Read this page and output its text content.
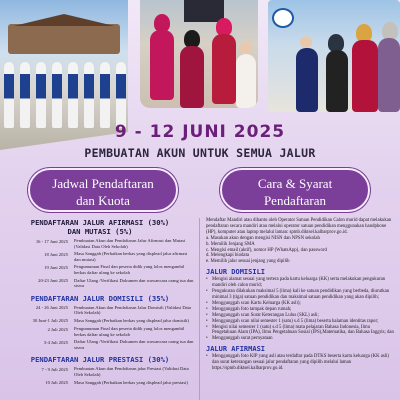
9 - 12 JUNI 2025
PEMBUATAN AKUN UNTUK SEMUA JALUR
Jadwal Pendaftaran
dan Kuota
Cara & Syarat
Pendaftaran
PENDAFTARAN JALUR AFIRMASI (30%)
DAN MUTASI (5%)
16 - 17 Juni 2025 Pembuatan Akun dan Pendaftaran Jalur Afirmasi dan Mutasi (Validasi Data Oleh Sekolah)
18 Juni 2025 Masa Sanggah (Perbaikan berkas yang displead jalur afirmasi dan mutasi)
19 Juni 2025 Pengumuman Final dan peserta didik yang lolos mengambil berkas daftar ulang ke sekolah
20-23 Juni 2025 Daftar Ulang /Verifikasi Dokumen dan wawancara orang tua dan siswa
PENDAFTARAN JALUR DOMISILI (35%)
24 - 26 Juni 2025 Pembuatan Akun dan Pendaftaran Jalur Domisili (Validasi Data Oleh Sekolah)
30 Juni-1 Juli 2025 Masa Sanggah (Perbaikan berkas yang displead jalur domisili)
2 Juli 2025 Pengumuman Final dan peserta didik yang lolos mengambil berkas daftar ulang ke sekolah
3-4 Juli 2025 Daftar Ulang /Verifikasi Dokumen dan wawancara orang tua dan siswa
PENDAFTARAN JALUR PRESTASI (30%)
7 - 9 Juli 2025 Pembuatan Akun dan Pendaftaran jalur Prestasi (Validasi Data Oleh Sekolah)
10 Juli 2025 Masa Sanggah (Perbaikan berkas yang displead jalur prestasi)
Mendaftar Mandiri atau dibantu oleh Operator Satuan Pendidikan Calon murid dapat melakukan pendaftaran secara mandiri atau melalui operator satuan pendidikan menggunakan handphone (HP), komputer atau laptop melalui laman: spmb.diktsel.kalbarprov.go.id.
a. Masukan akun dengan mengisi NISN dan NPSN sekolah
b. Memilih Jenjang SMA
c. Mengisi email (aktif), nomor HP (WhatsApp), dan password
d. Melengkapi biodata
e. Memilih jalur sesuai jenjang yang dipilih
JALUR DOMISILI
• Mengisi alamat sesuai yang tertera pada kartu keluarga (KK) serta melakukan pengukuran mandiri oleh calon murid;
• Pengukuran dilakukan maksimal 5 (lima) kali ke satuan pendidikan yang berbeda, diurutkan minimal 3 (tiga) satuan pendidikan dan maksimal satuan pendidikan yang akan dipilih;
• Menggunggah scan Kartu Keluarga (KK asli);
• Menggunggah foto tampak depan rumah;
• Menggunggah scan Surat Keterangan Lulus (SKL) asli;
• Menggunggah scan nilai semester 1 (satu) s.d 5 (lima) beserta halaman identitas rapor;
• Mengisi nilai semester 1 (satu) s.d 5 (lima) mata pelajaran Bahasa Indonesia, Ilmu Pengetahuan Alam (IPA), Ilmu Pengetahuan Sosial (IPS),Matematika, dan Bahasa Inggris; dan
• Menggunggah surat pernyataan
JALUR AFIRMASI
• Menggunggah foto KIP yang asli atau terdaftar pada DTKS beserta kartu keluarga (KK asli) dan surat keterangan sesuai jalur pendaftaran yang dipilih melalui laman https://spmb.diktsel.kalbarprov.go.id.
